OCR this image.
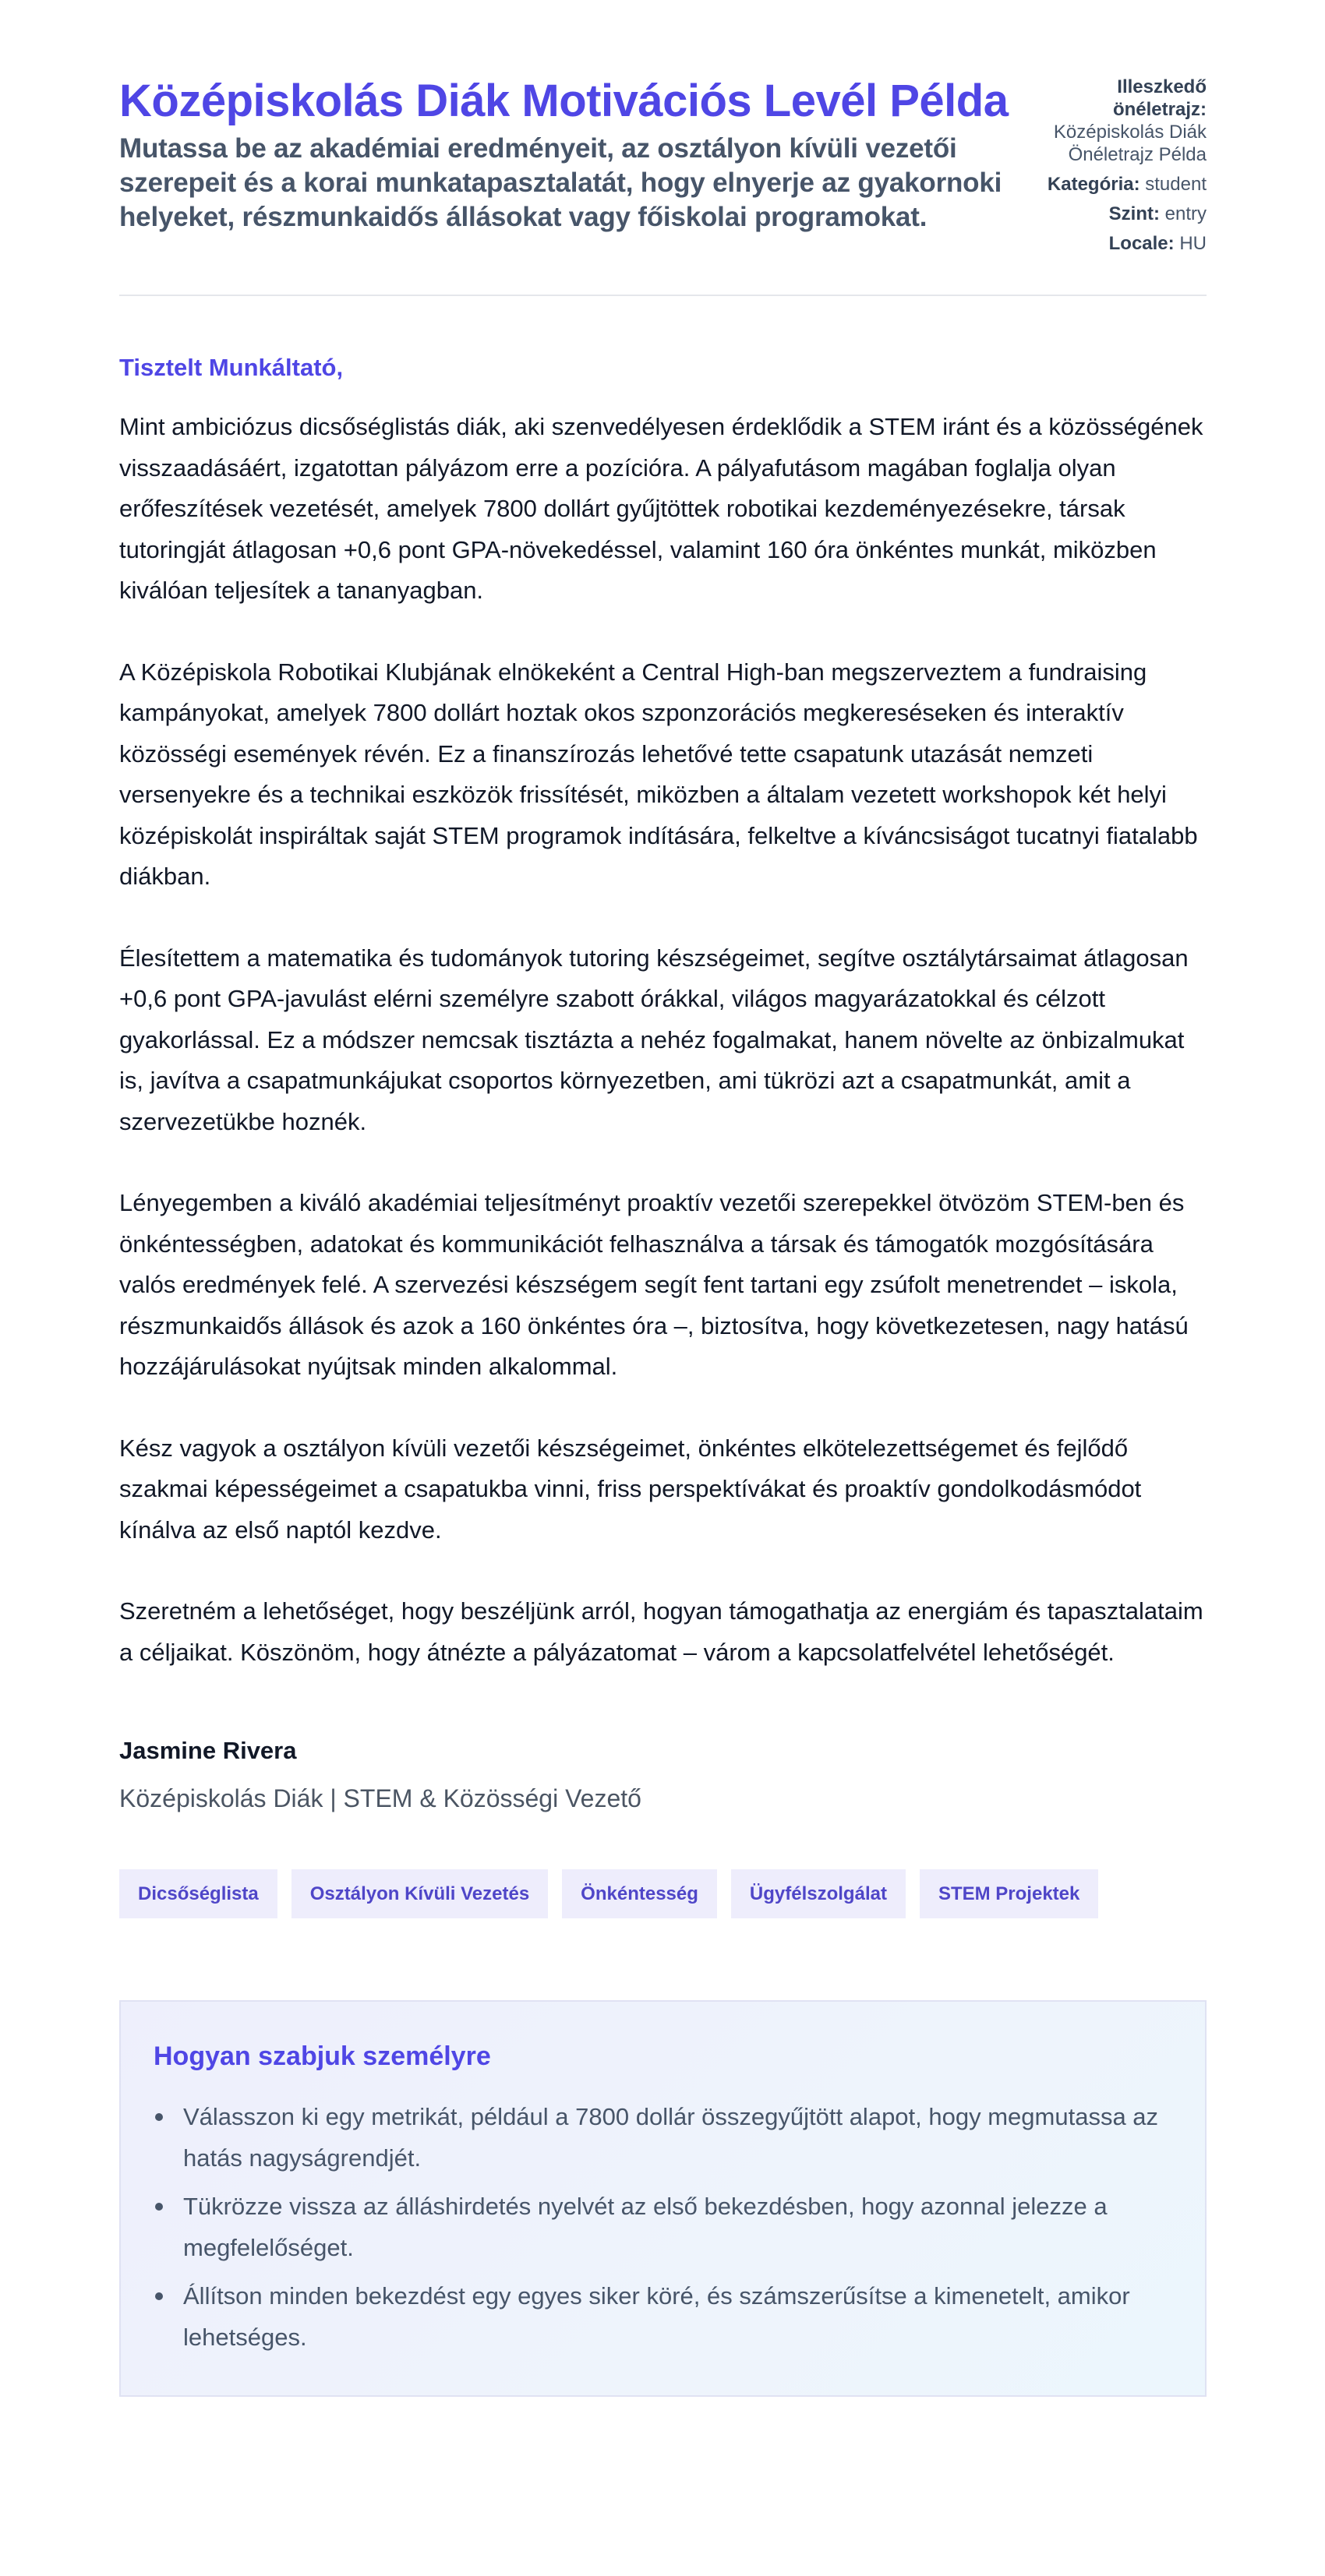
Középiskolás Diák Motivációs Levél Példa
Mutassa be az akadémiai eredményeit, az osztályon kívüli vezetői szerepeit és a korai munkatapasztalatát, hogy elnyerje az gyakornoki helyeket, részmunkaidős állásokat vagy főiskolai programokat.
Illeszkedő önéletrajz:
Középiskolás Diák Önéletrajz Példa
Kategória: student
Szint: entry
Locale: HU

Tisztelt Munkáltató,

Mint ambiciózus dicsőséglistás diák, aki szenvedélyesen érdeklődik a STEM iránt és a közösségének visszaadásáért, izgatottan pályázom erre a pozícióra. A pályafutásom magában foglalja olyan erőfeszítések vezetését, amelyek 7800 dollárt gyűjtöttek robotikai kezdeményezésekre, társak tutoringját átlagosan +0,6 pont GPA-növekedéssel, valamint 160 óra önkéntes munkát, miközben kiválóan teljesítek a tananyagban.

A Középiskola Robotikai Klubjának elnökeként a Central High-ban megszerveztem a fundraising kampányokat, amelyek 7800 dollárt hoztak okos szponzorációs megkereséseken és interaktív közösségi események révén. Ez a finanszírozás lehetővé tette csapatunk utazását nemzeti versenyekre és a technikai eszközök frissítését, miközben a általam vezetett workshopok két helyi középiskolát inspiráltak saját STEM programok indítására, felkeltve a kíváncsiságot tucatnyi fiatalabb diákban.

Élesítettem a matematika és tudományok tutoring készségeimet, segítve osztálytársaimat átlagosan +0,6 pont GPA-javulást elérni személyre szabott órákkal, világos magyarázatokkal és célzott gyakorlással. Ez a módszer nemcsak tisztázta a nehéz fogalmakat, hanem növelte az önbizalmukat is, javítva a csapatmunkájukat csoportos környezetben, ami tükrözi azt a csapatmunkát, amit a szervezetükbe hoznék.

Lényegemben a kiváló akadémiai teljesítményt proaktív vezetői szerepekkel ötvözöm STEM-ben és önkéntességben, adatokat és kommunikációt felhasználva a társak és támogatók mozgósítására valós eredmények felé. A szervezési készségem segít fent tartani egy zsúfolt menetrendet – iskola, részmunkaidős állások és azok a 160 önkéntes óra –, biztosítva, hogy következetesen, nagy hatású hozzájárulásokat nyújtsak minden alkalommal.

Kész vagyok a osztályon kívüli vezetői készségeimet, önkéntes elkötelezettségemet és fejlődő szakmai képességeimet a csapatukba vinni, friss perspektívákat és proaktív gondolkodásmódot kínálva az első naptól kezdve.

Szeretném a lehetőséget, hogy beszéljünk arról, hogyan támogathatja az energiám és tapasztalataim a céljaikat. Köszönöm, hogy átnézte a pályázatomat – várom a kapcsolatfelvétel lehetőségét.

Jasmine Rivera
Középiskolás Diák | STEM & Közösségi Vezető
Dicsőséglista	Osztályon Kívüli Vezetés	Önkéntesség	Ügyfélszolgálat	STEM Projektek
Hogyan szabjuk személyre
Válasszon ki egy metrikát, például a 7800 dollár összegyűjtött alapot, hogy megmutassa az hatás nagyságrendjét.
Tükrözze vissza az álláshirdetés nyelvét az első bekezdésben, hogy azonnal jelezze a megfelelőséget.
Állítson minden bekezdést egy egyes siker köré, és számszerűsítse a kimenetelt, amikor lehetséges.
